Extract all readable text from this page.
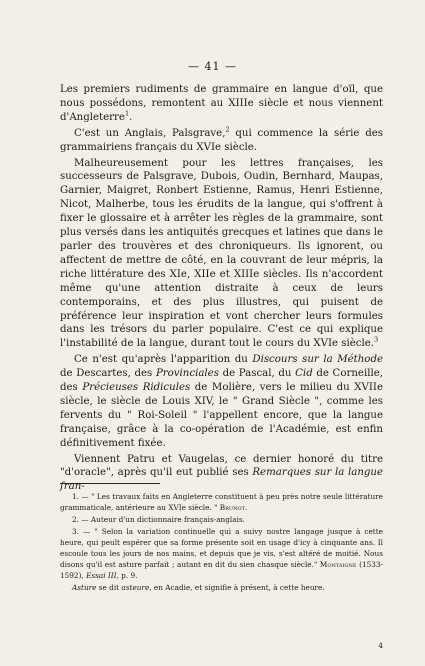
— 41 —

Les premiers rudiments de grammaire en langue d'oïl, que nous possédons, remontent au XIIIe siècle et nous viennent d'Angleterre$^1$.

C'est un Anglais, Palsgrave,$^2$ qui commence la série des grammairiens français du XVIe siècle.

Malheureusement pour les lettres françaises, les successeurs de Palsgrave, Dubois, Oudin, Bernhard, Maupas, Garnier, Maigret, Ronbert Estienne, Ramus, Henri Estienne, Nicot, Malherbe, tous les érudits de la langue, qui s'offrent à fixer le glossaire et à arrêter les règles de la grammaire, sont plus versés dans les antiquités grecques et latines que dans le parler des trouvères et des chroniqueurs. Ils ignorent, ou affectent de mettre de côté, en la couvrant de leur mépris, la riche littérature des XIe, XIIe et XIIIe siècles. Ils n'accordent même qu'une attention distraite à ceux de leurs contemporains, et des plus illustres, qui puisent de préférence leur inspiration et vont chercher leurs formules dans les trésors du parler populaire. C'est ce qui explique l'instabilité de la langue, durant tout le cours du XVIe siècle.$^3$

Ce n'est qu'après l'apparition du Discours sur la Méthode de Descartes, des Provinciales de Pascal, du Cid de Corneille, des Précieuses Ridicules de Molière, vers le milieu du XVIIe siècle, le siècle de Louis XIV, le " Grand Siècle ", comme les fervents du " Roi-Soleil " l'appellent encore, que la langue française, grâce à la co-opération de l'Académie, est enfin définitivement fixée.

Viennent Patru et Vaugelas, ce dernier honoré du titre "d'oracle", après qu'il eut publié ses Remarques sur la langue fran-

1. — " Les travaux faits en Angleterre constituent à peu près notre seule littérature grammaticale, antérieure au XVIe siècle. " Brunot.

2. — Auteur d'un dictionnaire français-anglais.

3. — " Selon la variation continuelle qui a suivy nostre langage jusque à cette heure, qui peult espérer que sa forme présente soit en usage d'icy à cinquante ans. Il escoule tous les jours de nos mains, et depuis que je vis, s'est altéré de moitié. Nous disons qu'il est asture parfait ; autant en dit du sien chasque siècle." Montaigne (1533-1592), Essai III, p. 9.

Asture se dit asteure, en Acadie, et signifie à présent, à cette heure.

4
